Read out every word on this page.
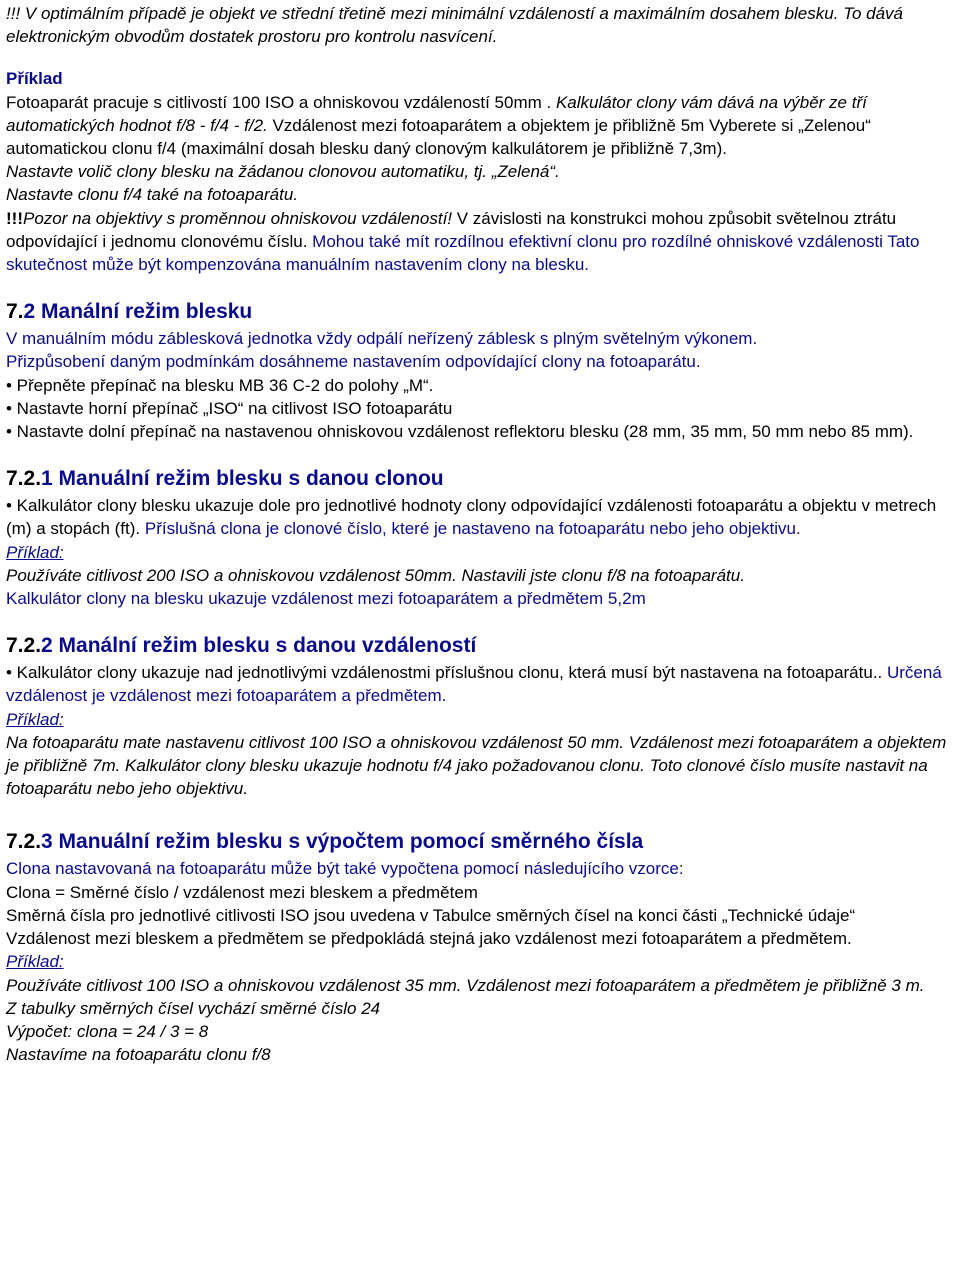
!!! V optimálním případě je objekt ve střední třetině mezi minimální vzdáleností a maximálním dosahem blesku. To dává elektronickým obvodům dostatek prostoru pro kontrolu nasvícení.

Příklad

Fotoaparát pracuje s citlivostí 100 ISO a ohniskovou vzdáleností 50mm . Kalkulátor clony vám dává na výběr ze tří automatických hodnot f/8 - f/4 - f/2. Vzdálenost mezi fotoaparátem a objektem je přibližně 5m Vyberete si „Zelenou“ automatickou clonu f/4 (maximální dosah blesku daný clonovým kalkulátorem je přibližně 7,3m).

Nastavte volič clony blesku na žádanou clonovou automatiku, tj. „Zelená“.

Nastavte clonu f/4 také na fotoaparátu.

!!!Pozor na objektivy s proměnnou ohniskovou vzdáleností! V závislosti na konstrukci mohou způsobit světelnou ztrátu odpovídající i jednomu clonovému číslu. Mohou také mít rozdílnou efektivní clonu pro rozdílné ohniskové vzdálenosti Tato skutečnost může být kompenzována manuálním nastavením clony na blesku.

7.2 Manální režim blesku

V manuálním módu záblesková jednotka vždy odpálí neřízený záblesk s plným světelným výkonem.

Přizpůsobení daným podmínkám dosáhneme nastavením odpovídající clony na fotoaparátu.

• Přepněte přepínač na blesku MB 36 C-2 do polohy „M“.

• Nastavte horní přepínač „ISO“ na citlivost ISO fotoaparátu

• Nastavte dolní přepínač na nastavenou ohniskovou vzdálenost reflektoru blesku (28 mm, 35 mm, 50 mm nebo 85 mm).

7.2.1 Manuální režim blesku s danou clonou

• Kalkulátor clony blesku ukazuje dole pro jednotlivé hodnoty clony odpovídající vzdálenosti fotoaparátu a objektu v metrech (m) a stopách (ft). Příslušná clona je clonové číslo, které je nastaveno na fotoaparátu nebo jeho objektivu.

Příklad:

Používáte citlivost 200 ISO a ohniskovou vzdálenost 50mm. Nastavili jste clonu f/8 na fotoaparátu.

Kalkulátor clony na blesku ukazuje vzdálenost mezi fotoaparátem a předmětem 5,2m

7.2.2 Manální režim blesku s danou vzdáleností

• Kalkulátor clony ukazuje nad jednotlivými vzdálenostmi příslušnou clonu, která musí být nastavena na fotoaparátu.. Určená vzdálenost je vzdálenost mezi fotoaparátem a předmětem.

Příklad:

Na fotoaparátu mate nastavenu citlivost 100 ISO a ohniskovou vzdálenost 50 mm. Vzdálenost mezi fotoaparátem a objektem je přibližně 7m. Kalkulátor clony blesku ukazuje hodnotu f/4 jako požadovanou clonu. Toto clonové číslo musíte nastavit na fotoaparátu nebo jeho objektivu.

7.2.3 Manuální režim blesku s výpočtem pomocí směrného čísla

Clona nastavovaná na fotoaparátu může být také vypočtena pomocí následujícího vzorce:

Clona = Směrné číslo / vzdálenost mezi bleskem a předmětem

Směrná čísla pro jednotlivé citlivosti ISO jsou uvedena v Tabulce směrných čísel na konci části „Technické údaje“

Vzdálenost mezi bleskem a předmětem se předpokládá stejná jako vzdálenost mezi fotoaparátem a předmětem.

Příklad:

Používáte citlivost 100 ISO a ohniskovou vzdálenost 35 mm. Vzdálenost mezi fotoaparátem a předmětem je přibližně 3 m.

Z tabulky směrných čísel vychází směrné číslo 24

Výpočet: clona = 24 / 3 = 8

Nastavíme na fotoaparátu clonu f/8
